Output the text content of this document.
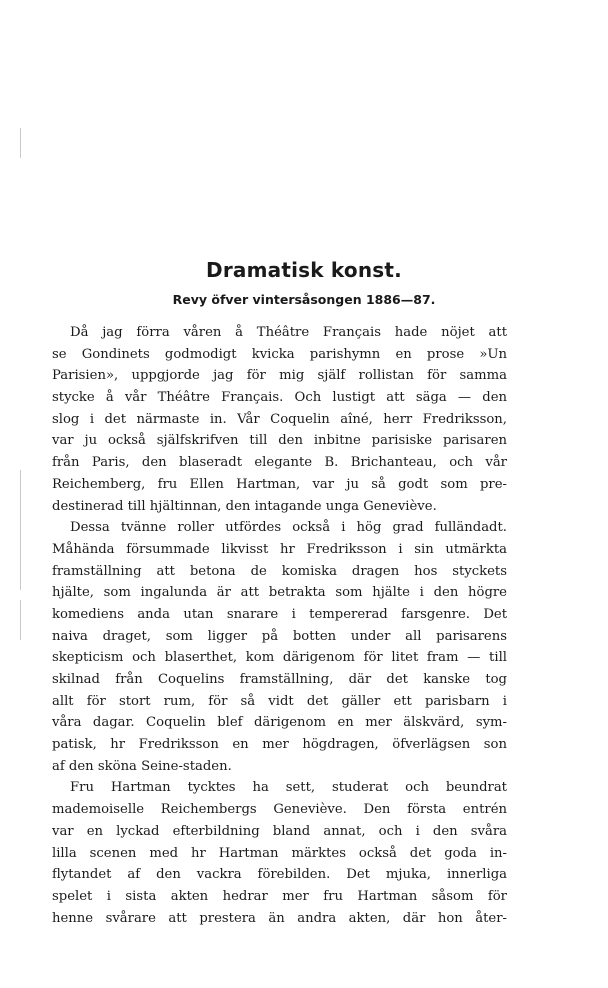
Dramatisk konst.
Revy öfver vintersåsongen 1886—87.
Då jag förra våren å Théâtre Français hade nöjet att
se Gondinets godmodigt kvicka parishymn en prose »Un
Parisien», uppgjorde jag för mig själf rollistan för samma
stycke å vår Théâtre Français. Och lustigt att säga — den
slog i det närmaste in. Vår Coquelin aîné, herr Fredriksson,
var ju också själfskrifven till den inbitne parisiske parisaren
från Paris, den blaseradt elegante B. Brichanteau, och vår
Reichemberg, fru Ellen Hartman, var ju så godt som pre-
destinerad till hjältinnan, den intagande unga Geneviève.
Dessa tvänne roller utfördes också i hög grad fulländadt.
Måhända försummade likvisst hr Fredriksson i sin utmärkta
framställning att betona de komiska dragen hos styckets
hjälte, som ingalunda är att betrakta som hjälte i den högre
komediens anda utan snarare i tempererad farsgenre. Det
naiva draget, som ligger på botten under all parisarens
skepticism och blaserthet, kom därigenom för litet fram — till
skilnad från Coquelins framställning, där det kanske tog
allt för stort rum, för så vidt det gäller ett parisbarn i
våra dagar. Coquelin blef därigenom en mer älskvärd, sym-
patisk, hr Fredriksson en mer högdragen, öfverlägsen son
af den sköna Seine-staden.
Fru Hartman tycktes ha sett, studerat och beundrat
mademoiselle Reichembergs Geneviève. Den första entrén
var en lyckad efterbildning bland annat, och i den svåra
lilla scenen med hr Hartman märktes också det goda in-
flytandet af den vackra förebilden. Det mjuka, innerliga
spelet i sista akten hedrar mer fru Hartman såsom för
henne svårare att prestera än andra akten, där hon åter-
